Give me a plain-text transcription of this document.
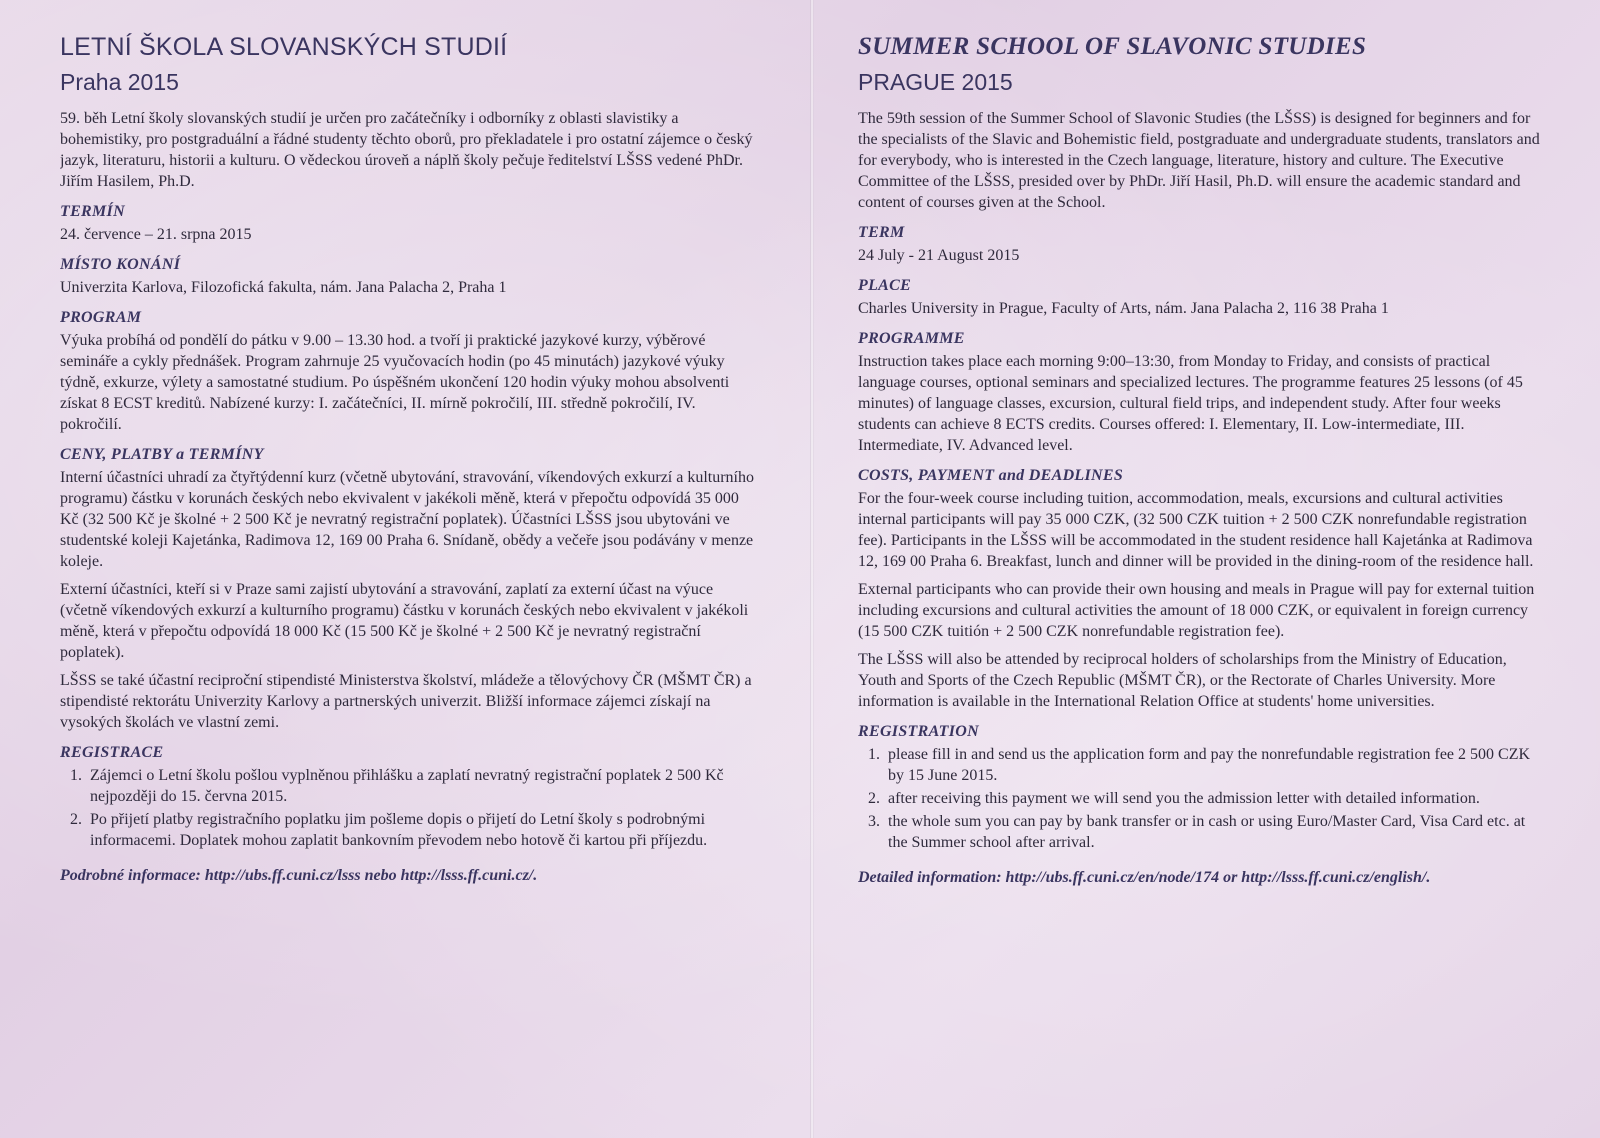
LETNÍ ŠKOLA SLOVANSKÝCH STUDIÍ
Praha 2015

59. běh Letní školy slovanských studií je určen pro začátečníky i odborníky z oblasti slavistiky a bohemistiky, pro postgraduální a řádné studenty těchto oborů, pro překladatele i pro ostatní zájemce o český jazyk, literaturu, historii a kulturu. O vědeckou úroveň a náplň školy pečuje ředitelství LŠSS vedené PhDr. Jiřím Hasilem, Ph.D.

TERMÍN

24. července – 21. srpna 2015

MÍSTO KONÁNÍ

Univerzita Karlova, Filozofická fakulta, nám. Jana Palacha 2, Praha 1

PROGRAM

Výuka probíhá od pondělí do pátku v 9.00 – 13.30 hod. a tvoří ji praktické jazykové kurzy, výběrové semináře a cykly přednášek. Program zahrnuje 25 vyučovacích hodin (po 45 minutách) jazykové výuky týdně, exkurze, výlety a samostatné studium. Po úspěšném ukončení 120 hodin výuky mohou absolventi získat 8 ECST kreditů. Nabízené kurzy: I. začátečníci, II. mírně pokročilí, III. středně pokročilí, IV. pokročilí.

CENY, PLATBY a TERMÍNY

Interní účastníci uhradí za čtyřtýdenní kurz (včetně ubytování, stravování, víkendových exkurzí a kulturního programu) částku v korunách českých nebo ekvivalent v jakékoli měně, která v přepočtu odpovídá 35 000 Kč (32 500 Kč je školné + 2 500 Kč je nevratný registrační poplatek). Účastníci LŠSS jsou ubytováni ve studentské koleji Kajetánka, Radimova 12, 169 00 Praha 6. Snídaně, obědy a večeře jsou podávány v menze koleje.

Externí účastníci, kteří si v Praze sami zajistí ubytování a stravování, zaplatí za externí účast na výuce (včetně víkendových exkurzí a kulturního programu) částku v korunách českých nebo ekvivalent v jakékoli měně, která v přepočtu odpovídá 18 000 Kč (15 500 Kč je školné + 2 500 Kč je nevratný registrační poplatek).

LŠSS se také účastní reciproční stipendisté Ministerstva školství, mládeže a tělovýchovy ČR (MŠMT ČR) a stipendisté rektorátu Univerzity Karlovy a partnerských univerzit. Bližší informace zájemci získají na vysokých školách ve vlastní zemi.

REGISTRACE
1. Zájemci o Letní školu pošlou vyplněnou přihlášku a zaplatí nevratný registrační poplatek 2 500 Kč nejpozději do 15. června 2015.
2. Po přijetí platby registračního poplatku jim pošleme dopis o přijetí do Letní školy s podrobnými informacemi. Doplatek mohou zaplatit bankovním převodem nebo hotově či kartou při příjezdu.
Podrobné informace: http://ubs.ff.cuni.cz/lsss nebo http://lsss.ff.cuni.cz/.
SUMMER SCHOOL OF SLAVONIC STUDIES
PRAGUE 2015

The 59th session of the Summer School of Slavonic Studies (the LŠSS) is designed for beginners and for the specialists of the Slavic and Bohemistic field, postgraduate and undergraduate students, translators and for everybody, who is interested in the Czech language, literature, history and culture. The Executive Committee of the LŠSS, presided over by PhDr. Jiří Hasil, Ph.D. will ensure the academic standard and content of courses given at the School.

TERM

24 July - 21 August 2015

PLACE

Charles University in Prague, Faculty of Arts, nám. Jana Palacha 2, 116 38 Praha 1

PROGRAMME

Instruction takes place each morning 9:00–13:30, from Monday to Friday, and consists of practical language courses, optional seminars and specialized lectures. The programme features 25 lessons (of 45 minutes) of language classes, excursion, cultural field trips, and independent study. After four weeks students can achieve 8 ECTS credits. Courses offered: I. Elementary, II. Low-intermediate, III. Intermediate, IV. Advanced level.

COSTS, PAYMENT and DEADLINES

For the four-week course including tuition, accommodation, meals, excursions and cultural activities internal participants will pay 35 000 CZK, (32 500 CZK tuition + 2 500 CZK nonrefundable registration fee). Participants in the LŠSS will be accommodated in the student residence hall Kajetánka at Radimova 12, 169 00 Praha 6. Breakfast, lunch and dinner will be provided in the dining-room of the residence hall.

External participants who can provide their own housing and meals in Prague will pay for external tuition including excursions and cultural activities the amount of 18 000 CZK, or equivalent in foreign currency (15 500 CZK tuitión + 2 500 CZK nonrefundable registration fee).

The LŠSS will also be attended by reciprocal holders of scholarships from the Ministry of Education, Youth and Sports of the Czech Republic (MŠMT ČR), or the Rectorate of Charles University. More information is available in the International Relation Office at students' home universities.

REGISTRATION
1. please fill in and send us the application form and pay the nonrefundable registration fee 2 500 CZK by 15 June 2015.
2. after receiving this payment we will send you the admission letter with detailed information.
3. the whole sum you can pay by bank transfer or in cash or using Euro/Master Card, Visa Card etc. at the Summer school after arrival.
Detailed information: http://ubs.ff.cuni.cz/en/node/174 or http://lsss.ff.cuni.cz/english/.
